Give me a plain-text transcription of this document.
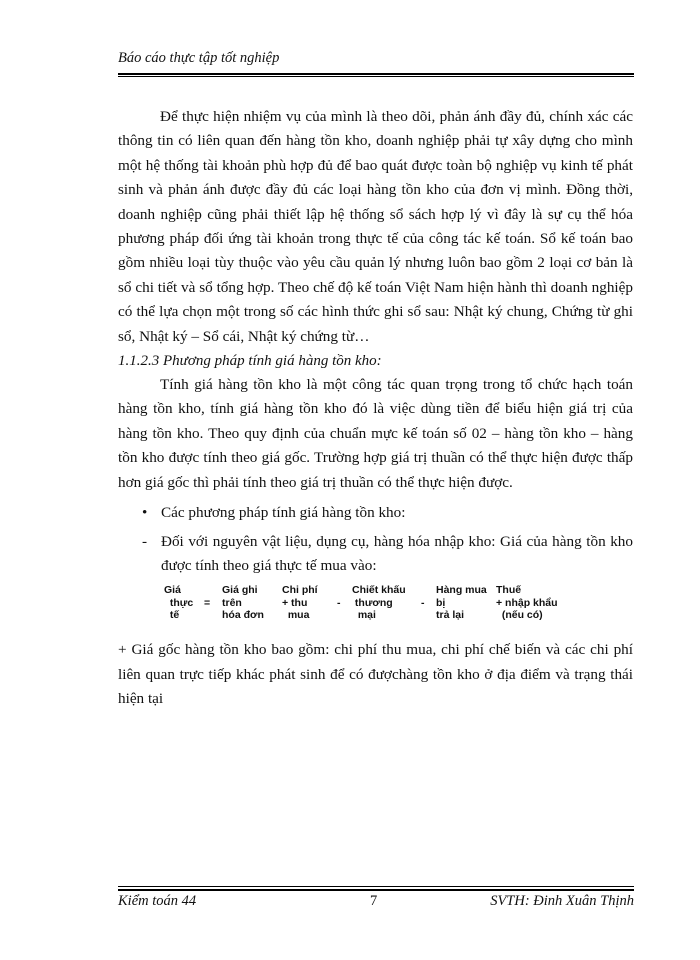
Báo cáo thực tập tốt nghiệp

Để thực hiện nhiệm vụ của mình là theo dõi, phản ánh đầy đủ, chính xác các thông tin có liên quan đến hàng tồn kho, doanh nghiệp phải tự xây dựng cho mình một hệ thống tài khoản phù hợp đủ để bao quát được toàn bộ nghiệp vụ kinh tế phát sinh và phản ánh được đầy đủ các loại hàng tồn kho của đơn vị mình. Đồng thời, doanh nghiệp cũng phải thiết lập hệ thống sổ sách hợp lý vì đây là sự cụ thể hóa phương pháp đối ứng tài khoản trong thực tế của công tác kế toán. Sổ kế toán bao gồm nhiều loại tùy thuộc vào yêu cầu quản lý nhưng luôn bao gồm 2 loại cơ bản là sổ chi tiết và sổ tổng hợp. Theo chế độ kế toán Việt Nam hiện hành thì doanh nghiệp có thể lựa chọn một trong số các hình thức ghi sổ sau: Nhật ký chung, Chứng từ ghi sổ, Nhật ký – Sổ cái, Nhật ký chứng từ…

1.1.2.3 Phương pháp tính giá hàng tồn kho:

Tính giá hàng tồn kho là một công tác quan trọng trong tổ chức hạch toán hàng tồn kho, tính giá hàng tồn kho đó là việc dùng tiền để biểu hiện giá trị của hàng tồn kho. Theo quy định của chuẩn mực kế toán số 02 – hàng tồn kho – hàng tồn kho được tính theo giá gốc. Trường hợp giá trị thuần có thể thực hiện được thấp hơn giá gốc thì phải tính theo giá trị thuần có thể thực hiện được.

• Các phương pháp tính giá hàng tồn kho:
- Đối với nguyên vật liệu, dụng cụ, hàng hóa nhập kho: Giá của hàng tồn kho được tính theo giá thực tế mua vào:
Giá
thực
tế
=
Giá ghi
trên
hóa đơn
Chi phí
+ thu
mua
-
Chiết khấu
thương
mại
-
Hàng mua
bị
trả lại
Thuế
+ nhập khẩu
(nếu có)

+ Giá gốc hàng tồn kho bao gồm: chi phí thu mua, chi phí chế biến và các chi phí liên quan trực tiếp khác phát sinh để có đượchàng tồn kho ở địa điểm và trạng thái hiện tại

Kiểm toán 44	7	SVTH: Đinh Xuân Thịnh
